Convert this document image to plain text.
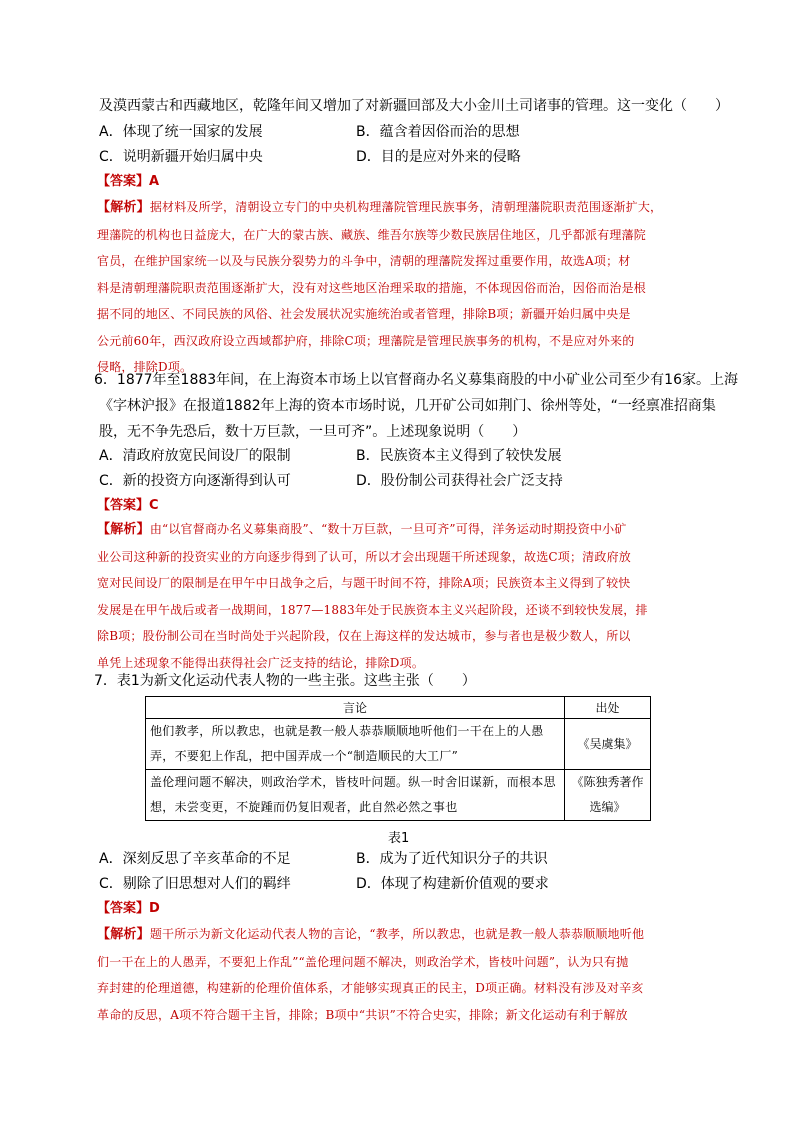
及漠西蒙古和西藏地区，乾隆年间又增加了对新疆回部及大小金川土司诸事的管理。这一变化（　　）
A．体现了统一国家的发展	B．蕴含着因俗而治的思想
C．说明新疆开始归属中央	D．目的是应对外来的侵略
【答案】A
【解析】据材料及所学，清朝设立专门的中央机构理藩院管理民族事务，清朝理藩院职责范围逐渐扩大，
理藩院的机构也日益庞大，在广大的蒙古族、藏族、维吾尔族等少数民族居住地区，几乎都派有理藩院
官员，在维护国家统一以及与民族分裂势力的斗争中，清朝的理藩院发挥过重要作用，故选A项；材
料是清朝理藩院职责范围逐渐扩大，没有对这些地区治理采取的措施，不体现因俗而治，因俗而治是根
据不同的地区、不同民族的风俗、社会发展状况实施统治或者管理，排除B项；新疆开始归属中央是
公元前60年，西汉政府设立西域都护府，排除C项；理藩院是管理民族事务的机构，不是应对外来的
侵略，排除D项。
6．1877年至1883年间，在上海资本市场上以官督商办名义募集商股的中小矿业公司至少有16家。上海
《字林沪报》在报道1882年上海的资本市场时说，几开矿公司如荆门、徐州等处，“一经禀准招商集
股，无不争先恐后，数十万巨款，一旦可齐”。上述现象说明（　　）
A．清政府放宽民间设厂的限制	B．民族资本主义得到了较快发展
C．新的投资方向逐渐得到认可	D．股份制公司获得社会广泛支持
【答案】C
【解析】由“以官督商办名义募集商股”、“数十万巨款，一旦可齐”可得，洋务运动时期投资中小矿
业公司这种新的投资实业的方向逐步得到了认可，所以才会出现题干所述现象，故选C项；清政府放
宽对民间设厂的限制是在甲午中日战争之后，与题干时间不符，排除A项；民族资本主义得到了较快
发展是在甲午战后或者一战期间，1877—1883年处于民族资本主义兴起阶段，还谈不到较快发展，排
除B项；股份制公司在当时尚处于兴起阶段，仅在上海这样的发达城市，参与者也是极少数人，所以
单凭上述现象不能得出获得社会广泛支持的结论，排除D项。
7．表1为新文化运动代表人物的一些主张。这些主张（　　）
言论	出处
他们教孝，所以教忠，也就是教一般人恭恭顺顺地听他们一干在上的人愚弄，不要犯上作乱，把中国弄成一个“制造顺民的大工厂”	《吴虞集》
盖伦理问题不解决，则政治学术，皆枝叶问题。纵一时舍旧谋新，而根本思想，未尝变更，不旋踵而仍复旧观者，此自然必然之事也	《陈独秀著作选编》
表1
A．深刻反思了辛亥革命的不足	B．成为了近代知识分子的共识
C．剔除了旧思想对人们的羁绊	D．体现了构建新价值观的要求
【答案】D
【解析】题干所示为新文化运动代表人物的言论，“教孝，所以教忠，也就是教一般人恭恭顺顺地听他
们一干在上的人愚弄，不要犯上作乱”“盖伦理问题不解决，则政治学术，皆枝叶问题”，认为只有抛
弃封建的伦理道德，构建新的伦理价值体系，才能够实现真正的民主，D项正确。材料没有涉及对辛亥
革命的反思，A项不符合题干主旨，排除；B项中“共识”不符合史实，排除；新文化运动有利于解放
